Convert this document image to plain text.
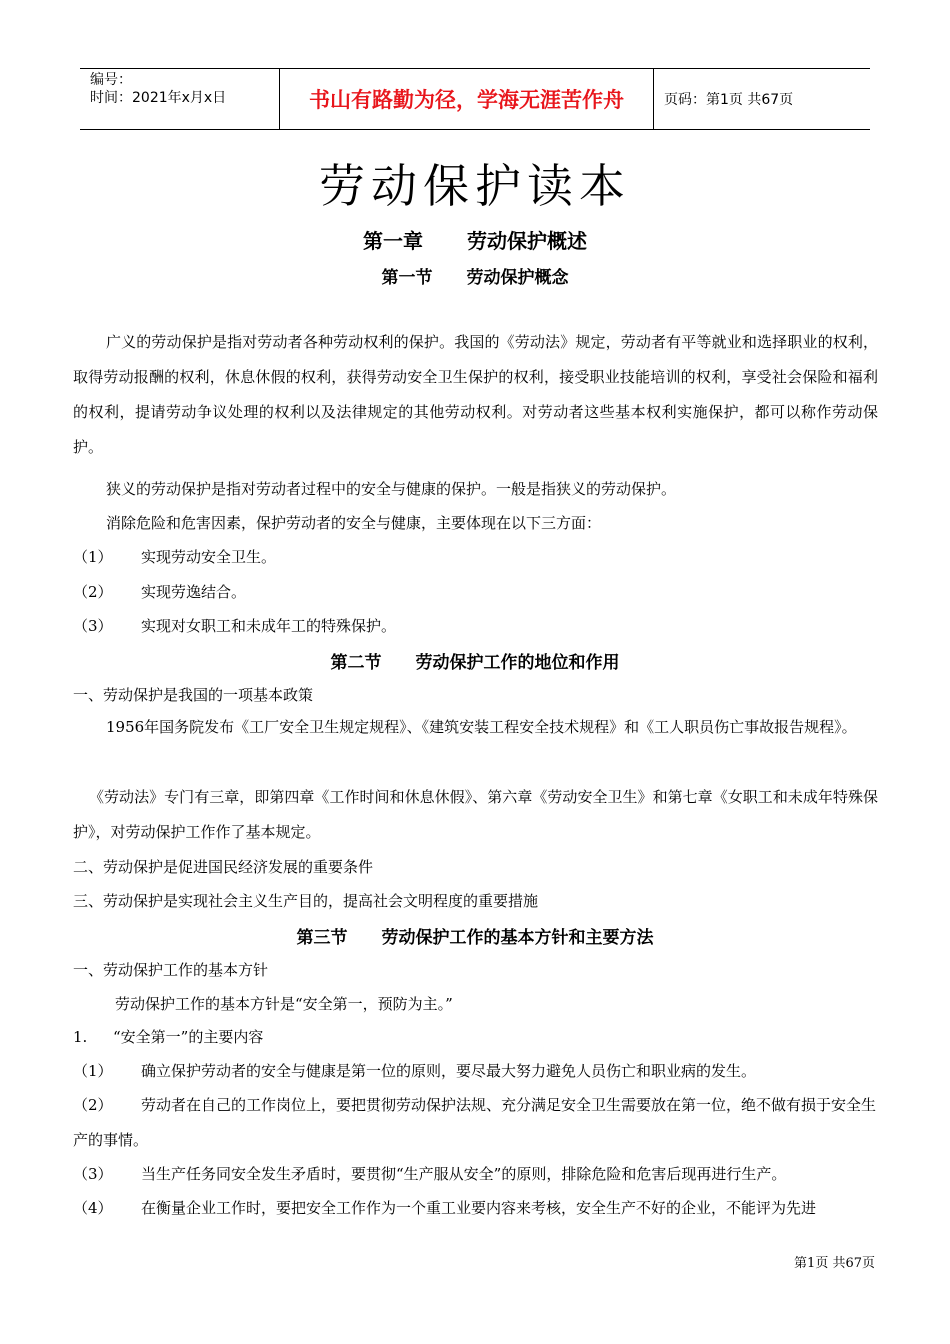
编号：
时间：2021年x月x日	书山有路勤为径，学海无涯苦作舟	页码：第1页 共67页
劳动保护读本
第一章 劳动保护概述
第一节 劳动保护概念
广义的劳动保护是指对劳动者各种劳动权利的保护。我国的《劳动法》规定，劳动者有平等就业和选择职业的权利，取得劳动报酬的权利，休息休假的权利，获得劳动安全卫生保护的权利，接受职业技能培训的权利，享受社会保险和福利的权利，提请劳动争议处理的权利以及法律规定的其他劳动权利。对劳动者这些基本权利实施保护，都可以称作劳动保护。
狭义的劳动保护是指对劳动者过程中的安全与健康的保护。一般是指狭义的劳动保护。
消除危险和危害因素，保护劳动者的安全与健康，主要体现在以下三方面：
（1） 实现劳动安全卫生。
（2） 实现劳逸结合。
（3） 实现对女职工和未成年工的特殊保护。
第二节 劳动保护工作的地位和作用
一、劳动保护是我国的一项基本政策
1956年国务院发布《工厂安全卫生规定规程》、《建筑安装工程安全技术规程》和《工人职员伤亡事故报告规程》。
《劳动法》专门有三章，即第四章《工作时间和休息休假》、第六章《劳动安全卫生》和第七章《女职工和未成年特殊保护》，对劳动保护工作作了基本规定。
二、劳动保护是促进国民经济发展的重要条件
三、劳动保护是实现社会主义生产目的，提高社会文明程度的重要措施
第三节 劳动保护工作的基本方针和主要方法
一、劳动保护工作的基本方针
劳动保护工作的基本方针是“安全第一，预防为主。”
1. “安全第一”的主要内容
（1） 确立保护劳动者的安全与健康是第一位的原则，要尽最大努力避免人员伤亡和职业病的发生。
（2） 劳动者在自己的工作岗位上，要把贯彻劳动保护法规、充分满足安全卫生需要放在第一位，绝不做有损于安全生产的事情。
（3） 当生产任务同安全发生矛盾时，要贯彻“生产服从安全”的原则，排除危险和危害后现再进行生产。
（4） 在衡量企业工作时，要把安全工作作为一个重工业要内容来考核，安全生产不好的企业，不能评为先进
第1页 共67页
